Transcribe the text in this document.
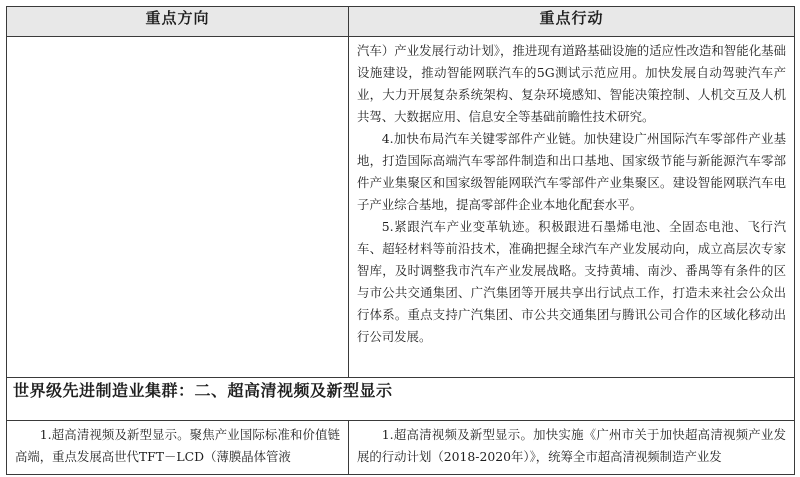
重点方向	重点行动

	汽车）产业发展行动计划》，推进现有道路基础设施的适应性改造和智能化基础设施建设，推动智能网联汽车的5G测试示范应用。加快发展自动驾驶汽车产业，大力开展复杂系统架构、复杂环境感知、智能决策控制、人机交互及人机共驾、大数据应用、信息安全等基础前瞻性技术研究。

4.加快布局汽车关键零部件产业链。加快建设广州国际汽车零部件产业基地，打造国际高端汽车零部件制造和出口基地、国家级节能与新能源汽车零部件产业集聚区和国家级智能网联汽车零部件产业集聚区。建设智能网联汽车电子产业综合基地，提高零部件企业本地化配套水平。

5.紧跟汽车产业变革轨迹。积极跟进石墨烯电池、全固态电池、飞行汽车、超轻材料等前沿技术，准确把握全球汽车产业发展动向，成立高层次专家智库，及时调整我市汽车产业发展战略。支持黄埔、南沙、番禺等有条件的区与市公共交通集团、广汽集团等开展共享出行试点工作，打造未来社会公众出行体系。重点支持广汽集团、市公共交通集团与腾讯公司合作的区域化移动出行公司发展。

世界级先进制造业集群：二、超高清视频及新型显示	

1.超高清视频及新型显示。聚焦产业国际标准和价值链高端，重点发展高世代TFT－LCD（薄膜晶体管液	1.超高清视频及新型显示。加快实施《广州市关于加快超高清视频产业发展的行动计划（2018-2020年）》，统筹全市超高清视频制造产业发
